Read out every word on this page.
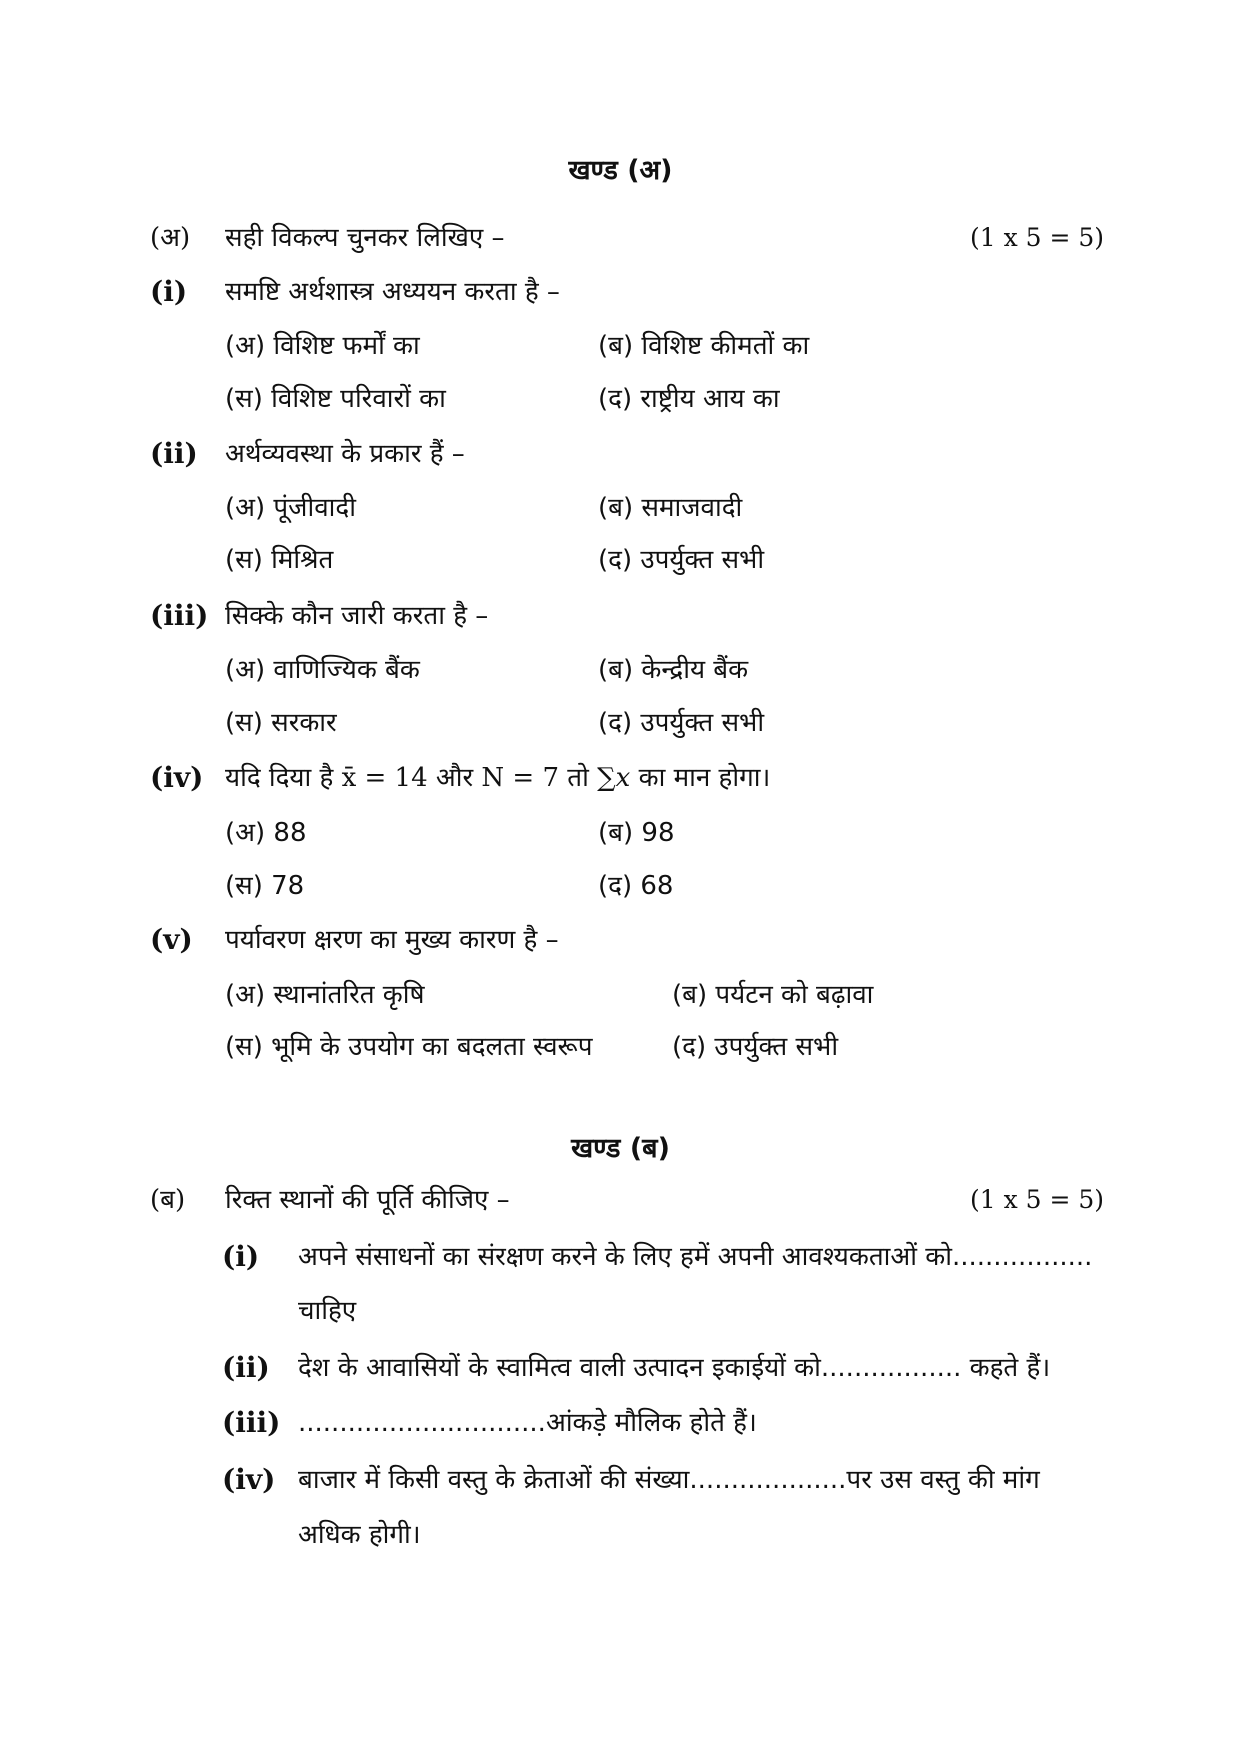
खण्ड (अ)
(अ) सही विकल्प चुनकर लिखिए –	(1 x 5 = 5)
(i) समष्टि अर्थशास्त्र अध्ययन करता है –
(अ) विशिष्ट फर्मों का	(ब) विशिष्ट कीमतों का
(स) विशिष्ट परिवारों का	(द) राष्ट्रीय आय का
(ii) अर्थव्यवस्था के प्रकार हैं –
(अ) पूंजीवादी	(ब) समाजवादी
(स) मिश्रित	(द) उपर्युक्त सभी
(iii) सिक्के कौन जारी करता है –
(अ) वाणिज्यिक बैंक	(ब) केन्द्रीय बैंक
(स) सरकार	(द) उपर्युक्त सभी
(iv) यदि दिया है x̄ = 14 और N = 7 तो ∑x का मान होगा।
(अ) 88	(ब) 98
(स) 78	(द) 68
(v) पर्यावरण क्षरण का मुख्य कारण है –
(अ) स्थानांतरित कृषि	(ब) पर्यटन को बढ़ावा
(स) भूमि के उपयोग का बदलता स्वरूप	(द) उपर्युक्त सभी
खण्ड (ब)
(ब) रिक्त स्थानों की पूर्ति कीजिए –	(1 x 5 = 5)
(i) अपने संसाधनों का संरक्षण करने के लिए हमें अपनी आवश्यकताओं को.................
चाहिए
(ii) देश के आवासियों के स्वामित्व वाली उत्पादन इकाईयों को................. कहते हैं।
(iii) ..............................आंकड़े मौलिक होते हैं।
(iv) बाजार में किसी वस्तु के क्रेताओं की संख्या...................पर उस वस्तु की मांग
अधिक होगी।
